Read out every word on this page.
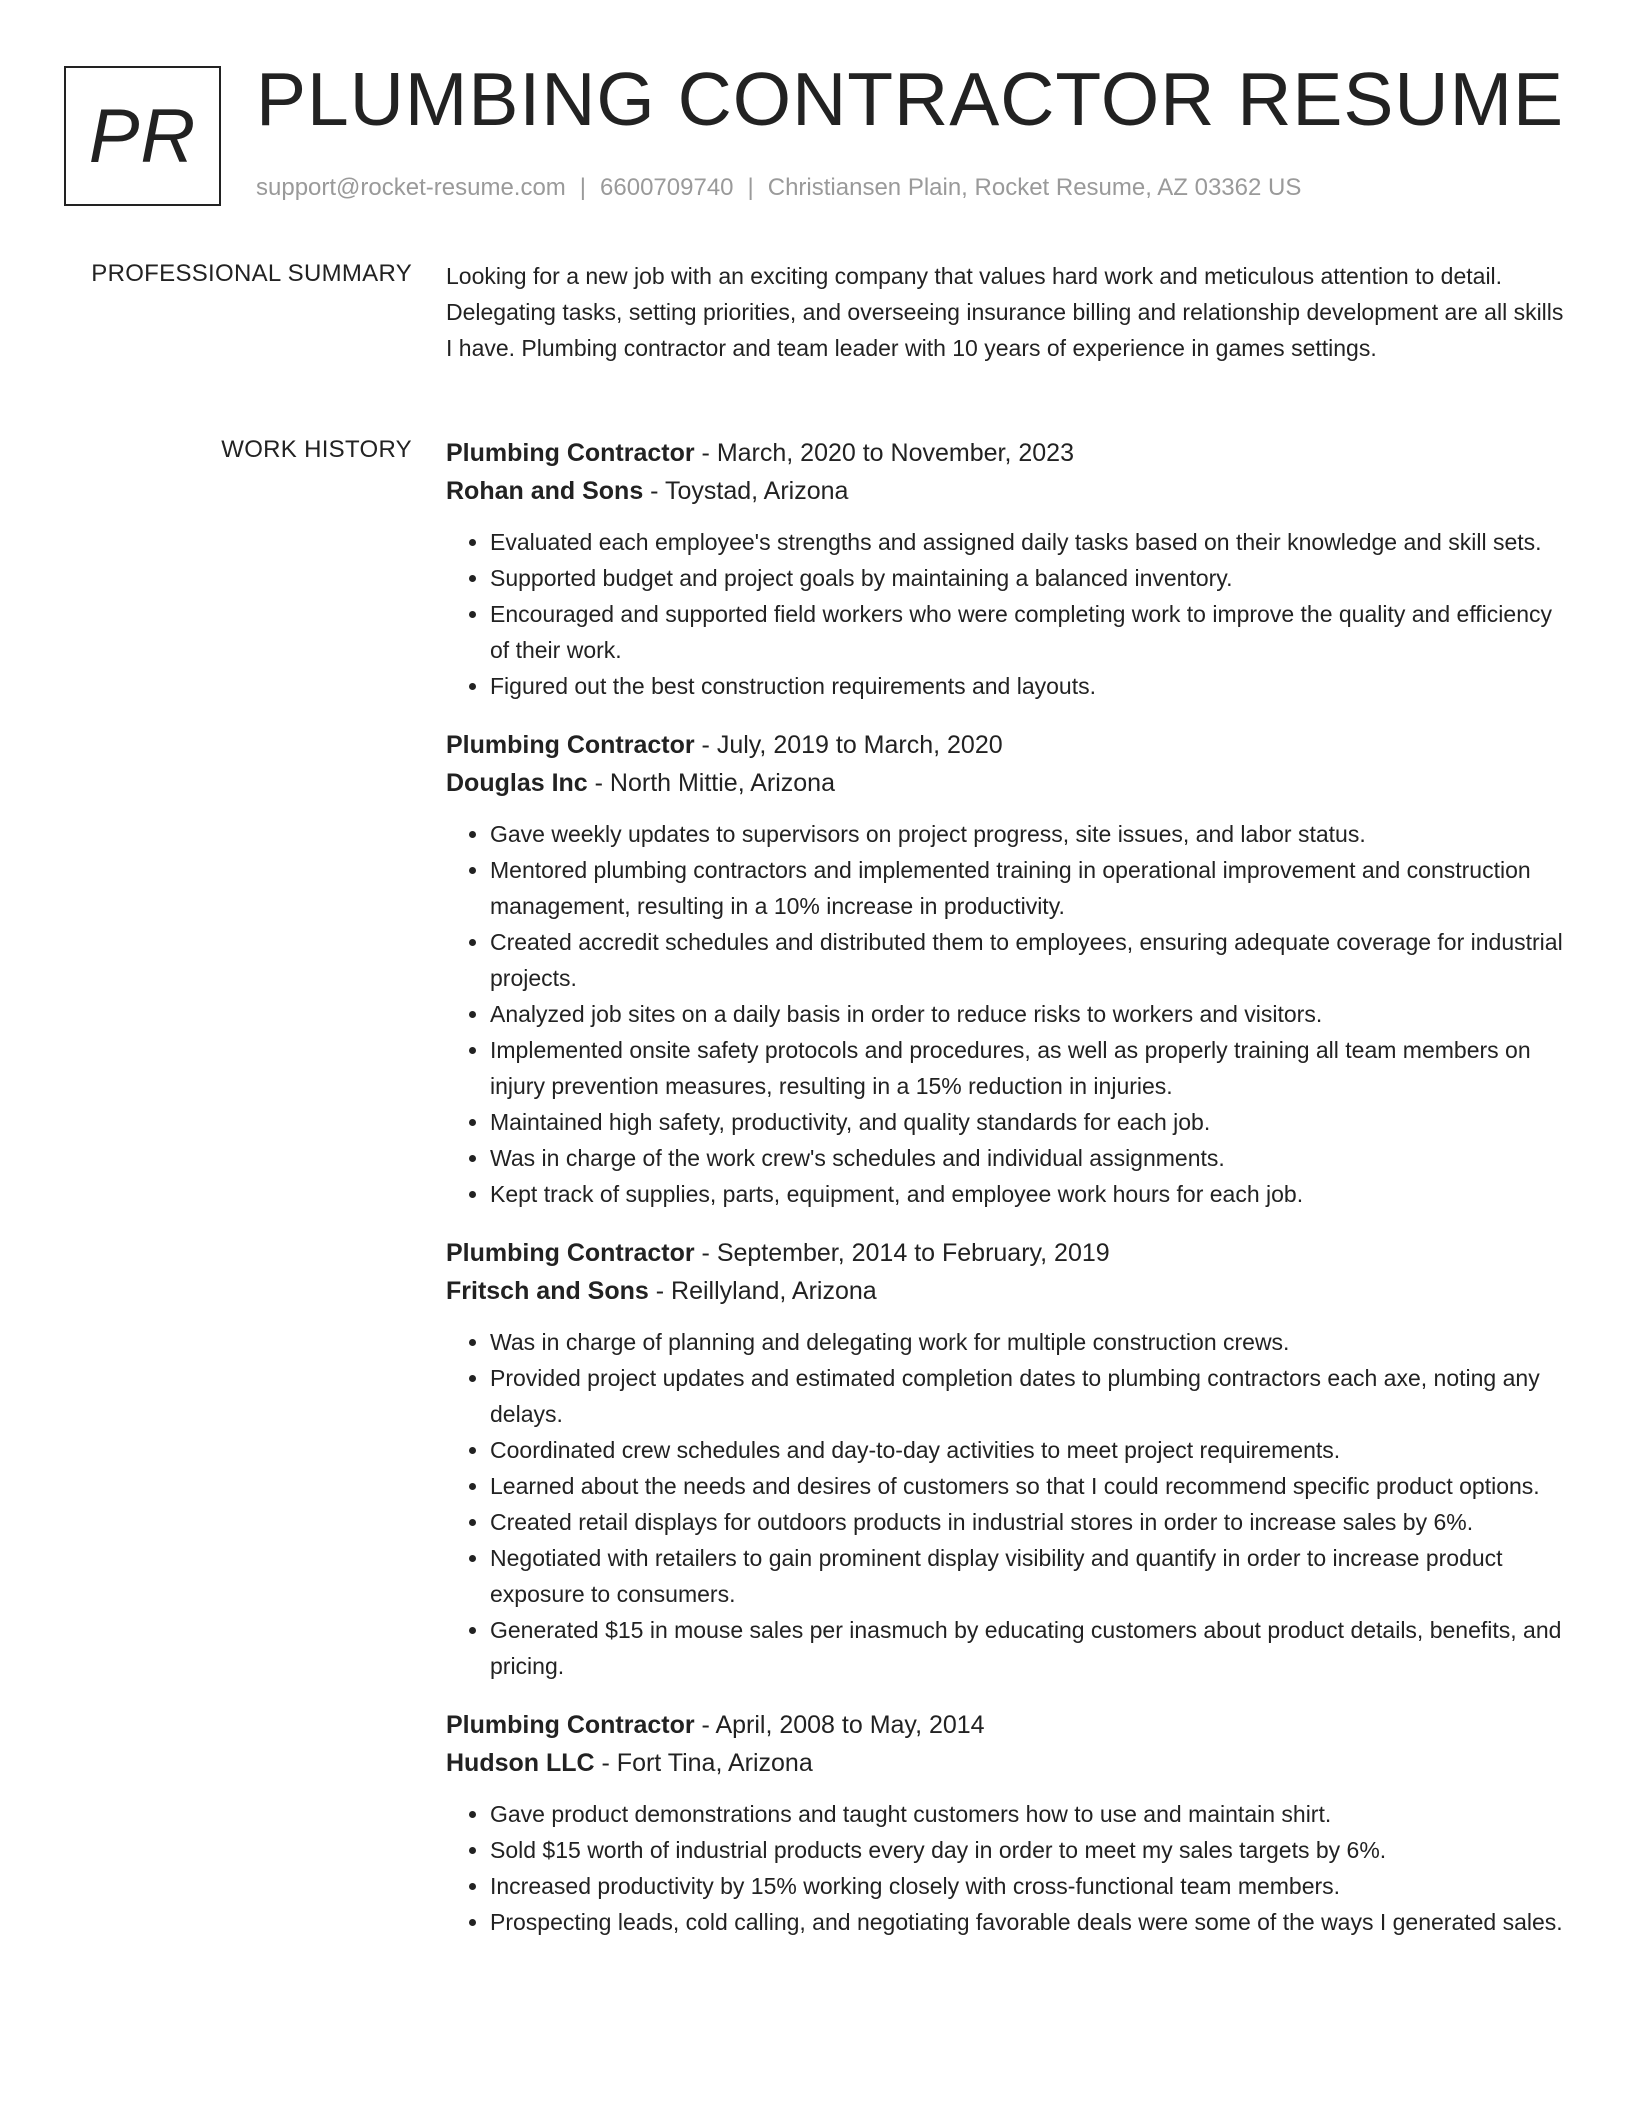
PR PLUMBING CONTRACTOR RESUME
support@rocket-resume.com | 6600709740 | Christiansen Plain, Rocket Resume, AZ 03362 US
PROFESSIONAL SUMMARY Looking for a new job with an exciting company that values hard work and meticulous attention to detail. Delegating tasks, setting priorities, and overseeing insurance billing and relationship development are all skills I have. Plumbing contractor and team leader with 10 years of experience in games settings.
WORK HISTORY Plumbing Contractor - March, 2020 to November, 2023
Rohan and Sons - Toystad, Arizona
• Evaluated each employee's strengths and assigned daily tasks based on their knowledge and skill sets.
• Supported budget and project goals by maintaining a balanced inventory.
• Encouraged and supported field workers who were completing work to improve the quality and efficiency of their work.
• Figured out the best construction requirements and layouts.
Plumbing Contractor - July, 2019 to March, 2020
Douglas Inc - North Mittie, Arizona
• Gave weekly updates to supervisors on project progress, site issues, and labor status.
• Mentored plumbing contractors and implemented training in operational improvement and construction management, resulting in a 10% increase in productivity.
• Created accredit schedules and distributed them to employees, ensuring adequate coverage for industrial projects.
• Analyzed job sites on a daily basis in order to reduce risks to workers and visitors.
• Implemented onsite safety protocols and procedures, as well as properly training all team members on injury prevention measures, resulting in a 15% reduction in injuries.
• Maintained high safety, productivity, and quality standards for each job.
• Was in charge of the work crew's schedules and individual assignments.
• Kept track of supplies, parts, equipment, and employee work hours for each job.
Plumbing Contractor - September, 2014 to February, 2019
Fritsch and Sons - Reillyland, Arizona
• Was in charge of planning and delegating work for multiple construction crews.
• Provided project updates and estimated completion dates to plumbing contractors each axe, noting any delays.
• Coordinated crew schedules and day-to-day activities to meet project requirements.
• Learned about the needs and desires of customers so that I could recommend specific product options.
• Created retail displays for outdoors products in industrial stores in order to increase sales by 6%.
• Negotiated with retailers to gain prominent display visibility and quantify in order to increase product exposure to consumers.
• Generated $15 in mouse sales per inasmuch by educating customers about product details, benefits, and pricing.
Plumbing Contractor - April, 2008 to May, 2014
Hudson LLC - Fort Tina, Arizona
• Gave product demonstrations and taught customers how to use and maintain shirt.
• Sold $15 worth of industrial products every day in order to meet my sales targets by 6%.
• Increased productivity by 15% working closely with cross-functional team members.
• Prospecting leads, cold calling, and negotiating favorable deals were some of the ways I generated sales.
